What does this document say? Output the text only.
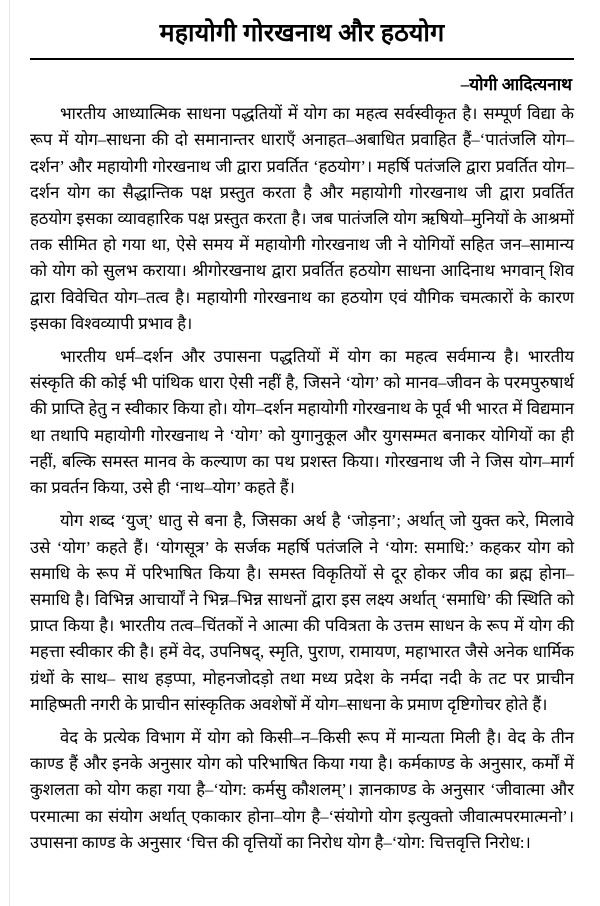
महायोगी गोरखनाथ और हठयोग
–योगी आदित्यनाथ

भारतीय आध्यात्मिक साधना पद्धतियों में योग का महत्व सर्वस्वीकृत है। सम्पूर्ण विद्या के रूप में योग–साधना की दो समानान्तर धाराएँ अनाहत–अबाधित प्रवाहित हैं–‘पातंजलि योग–दर्शन’ और महायोगी गोरखनाथ जी द्वारा प्रवर्तित ‘हठयोग’। महर्षि पतंजलि द्वारा प्रवर्तित योग–दर्शन योग का सैद्धान्तिक पक्ष प्रस्तुत करता है और महायोगी गोरखनाथ जी द्वारा प्रवर्तित हठयोग इसका व्यावहारिक पक्ष प्रस्तुत करता है। जब पातंजलि योग ऋषियो–मुनियों के आश्रमों तक सीमित हो गया था, ऐसे समय में महायोगी गोरखनाथ जी ने योगियों सहित जन–सामान्य को योग को सुलभ कराया। श्रीगोरखनाथ द्वारा प्रवर्तित हठयोग साधना आदिनाथ भगवान् शिव द्वारा विवेचित योग–तत्व है। महायोगी गोरखनाथ का हठयोग एवं यौगिक चमत्कारों के कारण इसका विश्वव्यापी प्रभाव है।

भारतीय धर्म–दर्शन और उपासना पद्धतियों में योग का महत्व सर्वमान्य है। भारतीय संस्कृति की कोई भी पांथिक धारा ऐसी नहीं है, जिसने ‘योग’ को मानव–जीवन के परमपुरुषार्थ की प्राप्ति हेतु न स्वीकार किया हो। योग–दर्शन महायोगी गोरखनाथ के पूर्व भी भारत में विद्यमान था तथापि महायोगी गोरखनाथ ने ‘योग’ को युगानुकूल और युगसम्मत बनाकर योगियों का ही नहीं, बल्कि समस्त मानव के कल्याण का पथ प्रशस्त किया। गोरखनाथ जी ने जिस योग–मार्ग का प्रवर्तन किया, उसे ही ‘नाथ–योग’ कहते हैं।

योग शब्द ‘युज्’ धातु से बना है, जिसका अर्थ है ‘जोड़ना’; अर्थात् जो युक्त करे, मिलावे उसे ‘योग’ कहते हैं। ‘योगसूत्र’ के सर्जक महर्षि पतंजलि ने ‘योग: समाधि:’ कहकर योग को समाधि के रूप में परिभाषित किया है। समस्त विकृतियों से दूर होकर जीव का ब्रह्म होना–समाधि है। विभिन्न आचार्यों ने भिन्न–भिन्न साधनों द्वारा इस लक्ष्य अर्थात् ‘समाधि’ की स्थिति को प्राप्त किया है। भारतीय तत्व–चिंतकों ने आत्मा की पवित्रता के उत्तम साधन के रूप में योग की महत्ता स्वीकार की है। हमें वेद, उपनिषद्, स्मृति, पुराण, रामायण, महाभारत जैसे अनेक धार्मिक ग्रंथों के साथ– साथ हड़प्पा, मोहनजोदड़ो तथा मध्य प्रदेश के नर्मदा नदी के तट पर प्राचीन माहिष्मती नगरी के प्राचीन सांस्कृतिक अवशेषों में योग–साधना के प्रमाण दृष्टिगोचर होते हैं।

वेद के प्रत्येक विभाग में योग को किसी–न–किसी रूप में मान्यता मिली है। वेद के तीन काण्ड हैं और इनके अनुसार योग को परिभाषित किया गया है। कर्मकाण्ड के अनुसार, कर्मों में कुशलता को योग कहा गया है–‘योग: कर्मसु कौशलम्’। ज्ञानकाण्ड के अनुसार ‘जीवात्मा और परमात्मा का संयोग अर्थात् एकाकार होना–योग है–‘संयोगो योग इत्युक्तो जीवात्मपरमात्मनो’। उपासना काण्ड के अनुसार ‘चित्त की वृत्तियों का निरोध योग है–‘योग: चित्तवृत्ति निरोध:।
